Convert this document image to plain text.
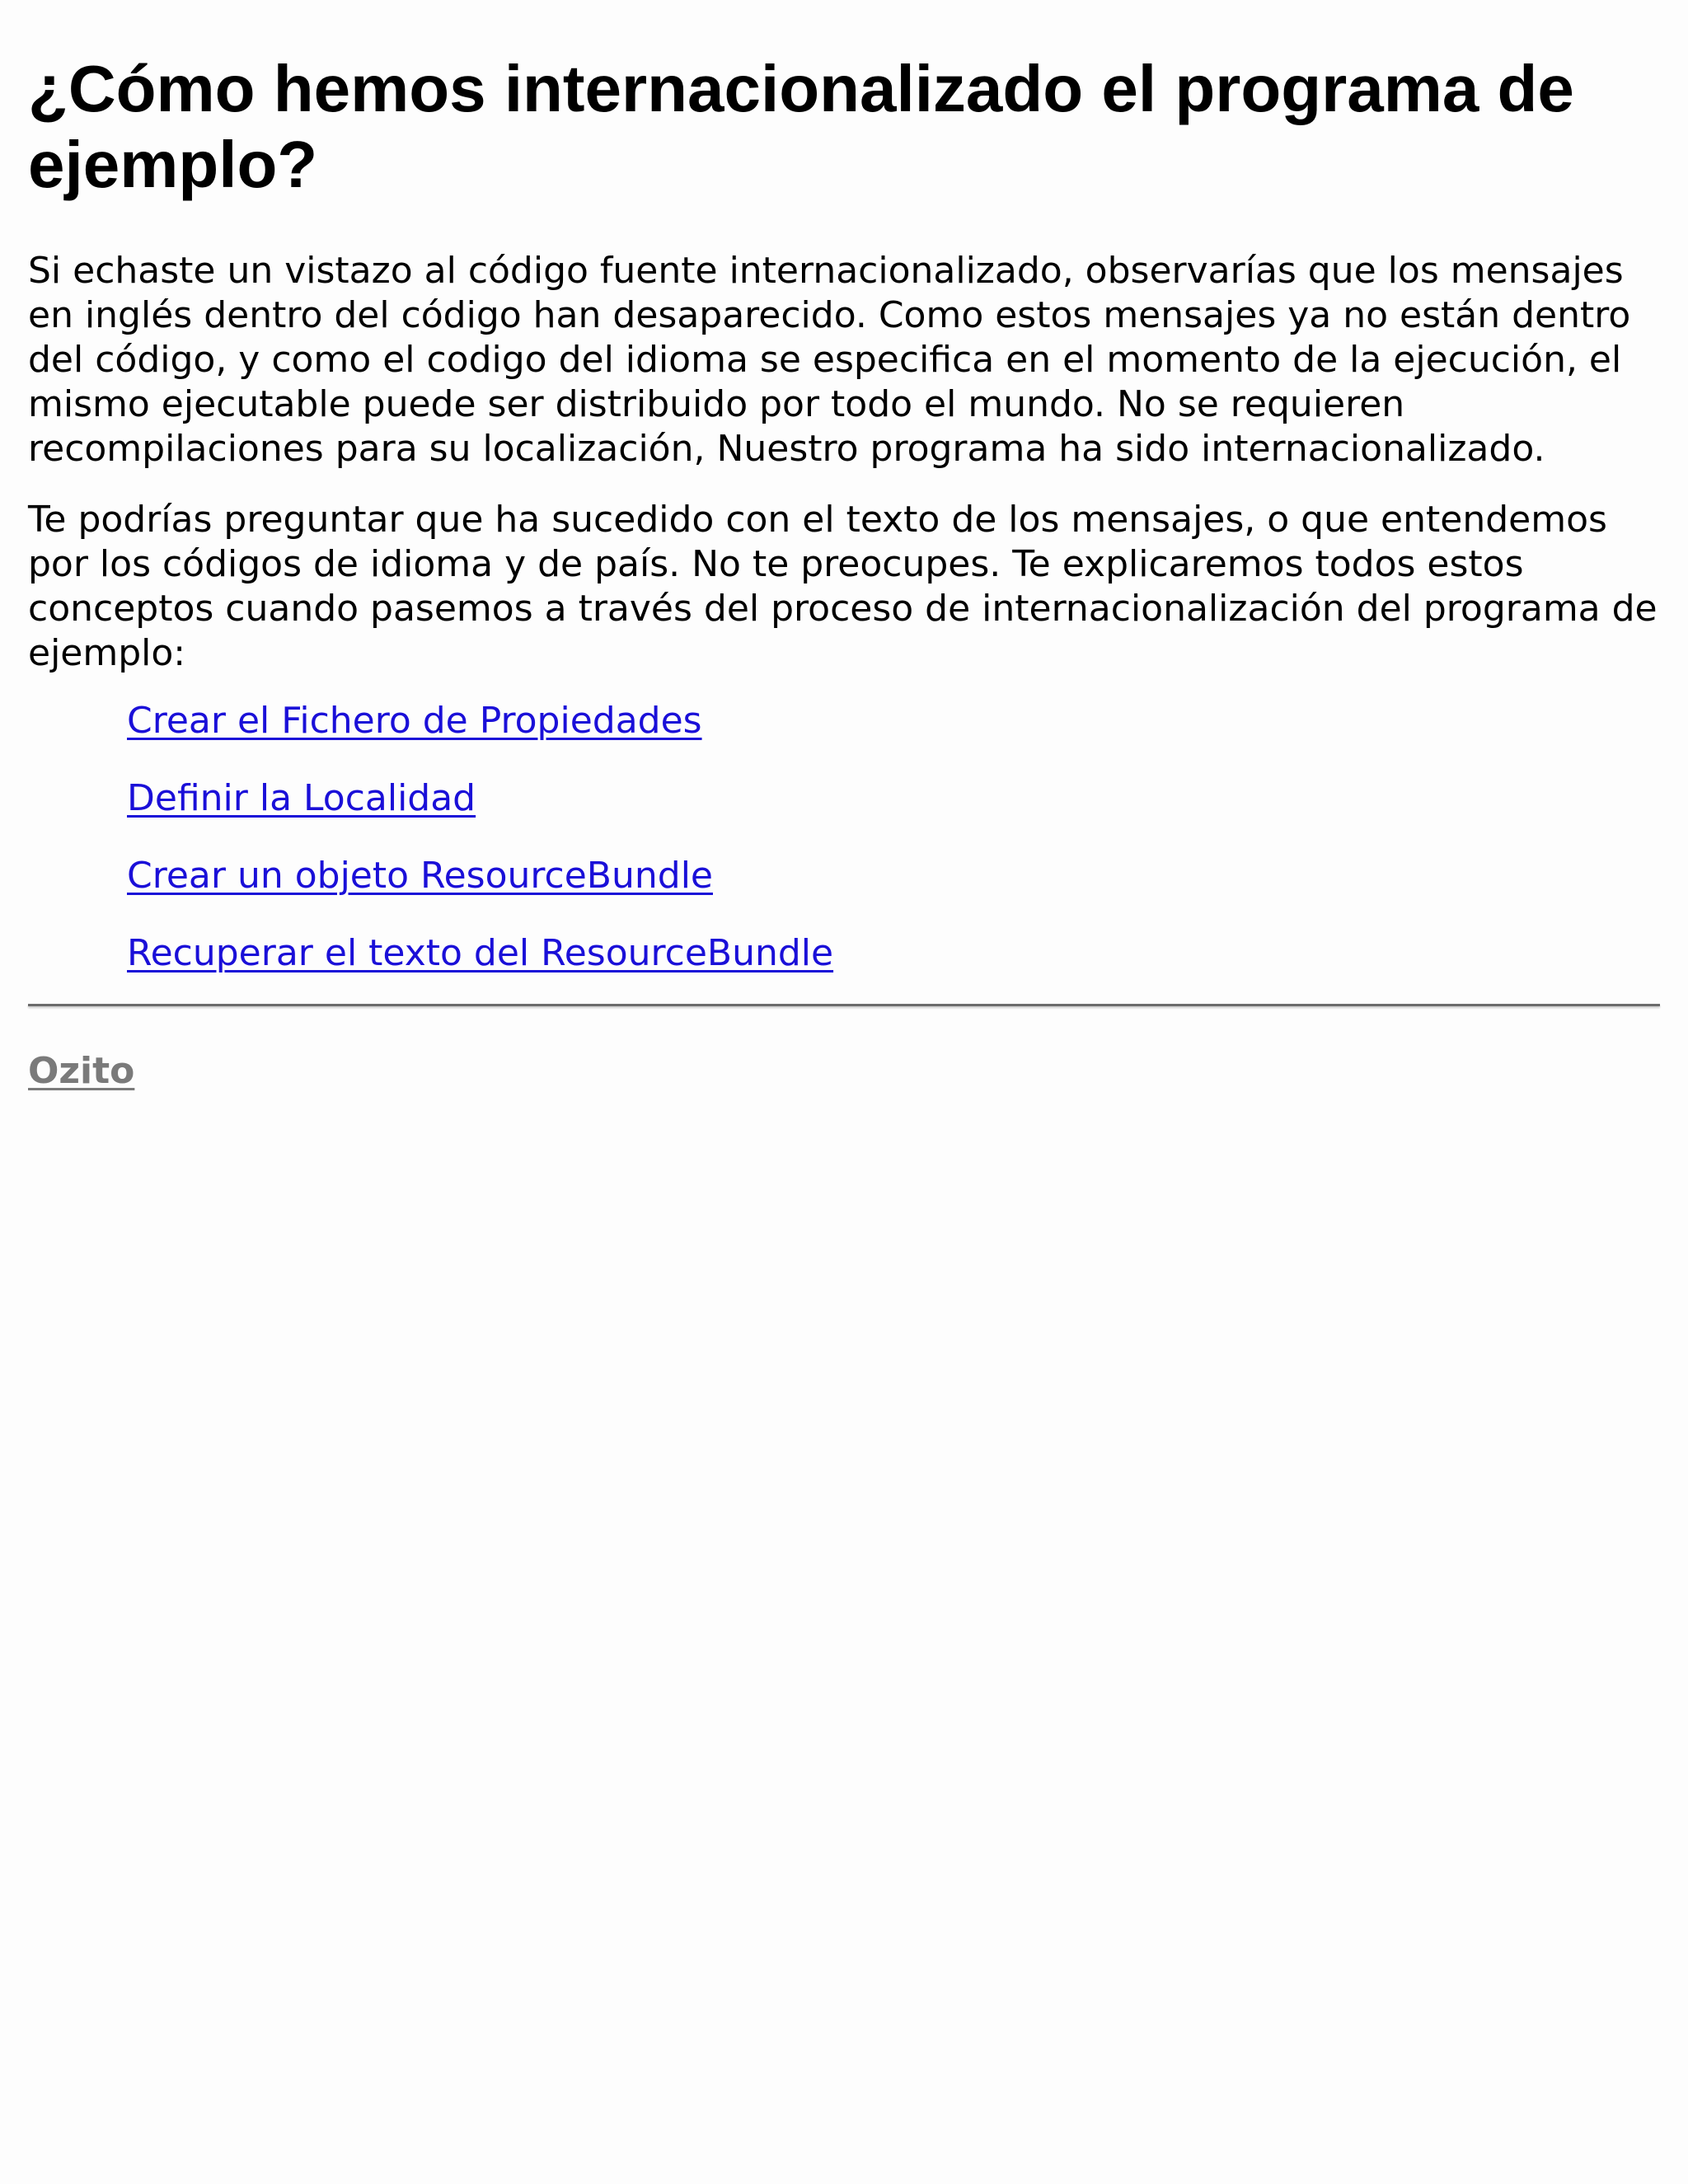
¿Cómo hemos internacionalizado el programa de ejemplo?

Si echaste un vistazo al código fuente internacionalizado, observarías que los mensajes en inglés dentro del código han desaparecido. Como estos mensajes ya no están dentro del código, y como el codigo del idioma se especifica en el momento de la ejecución, el mismo ejecutable puede ser distribuido por todo el mundo. No se requieren recompilaciones para su localización, Nuestro programa ha sido internacionalizado.

Te podrías preguntar que ha sucedido con el texto de los mensajes, o que entendemos por los códigos de idioma y de país. No te preocupes. Te explicaremos todos estos conceptos cuando pasemos a través del proceso de internacionalización del programa de ejemplo:

Crear el Fichero de Propiedades
Definir la Localidad
Crear un objeto ResourceBundle
Recuperar el texto del ResourceBundle
Ozito
